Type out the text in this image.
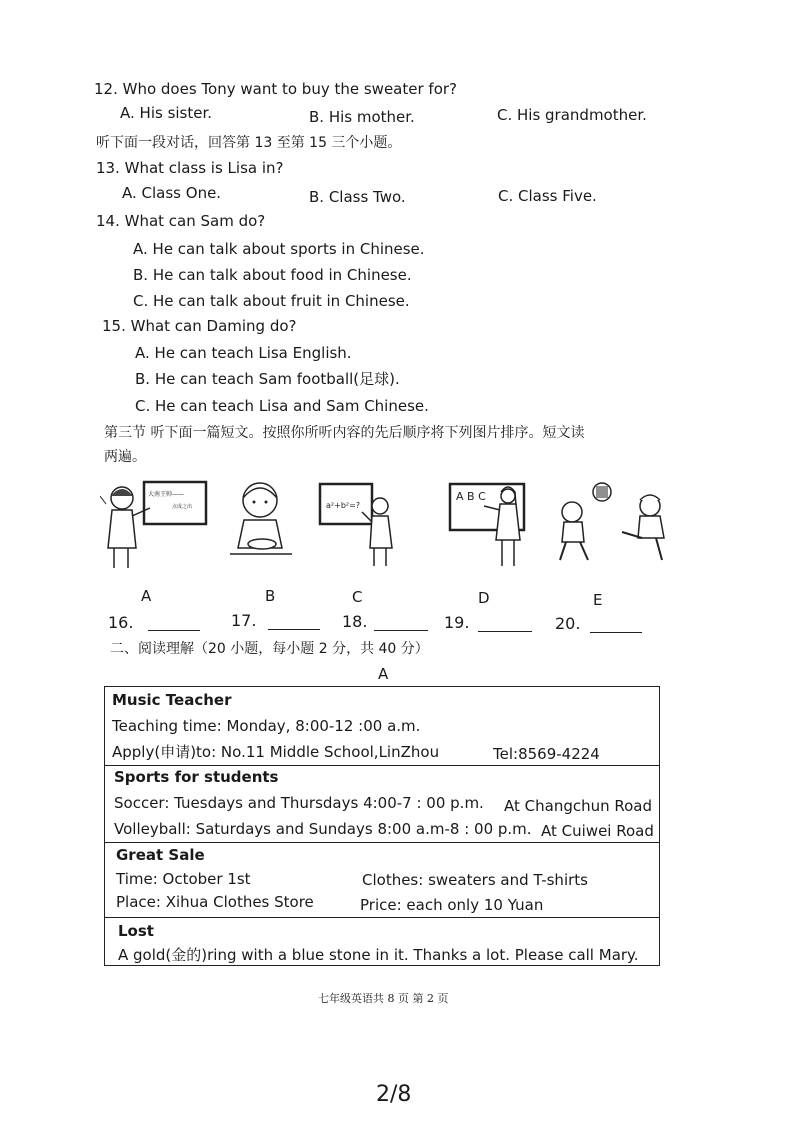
12. Who does Tony want to buy the sweater for?
A. His sister.	B. His mother.	C. His grandmother.
听下面一段对话，回答第 13 至第 15 三个小题。
13. What class is Lisa in?
A. Class One.	B. Class Two.	C. Class Five.
14. What can Sam do?
A. He can talk about sports in Chinese.
B. He can talk about food in Chinese.
C. He can talk about fruit in Chinese.
15. What can Daming do?
A. He can teach Lisa English.
B. He can teach Sam football(足球).
C. He can teach Lisa and Sam Chinese.
第三节 听下面一篇短文。按照你所听内容的先后顺序将下列图片排序。短文读
两遍。
大南王帅——
点成之出	a²+b²=?
A B C
A	B	C	D	E
16.	17.	18.	19.	20.
二、阅读理解（20 小题，每小题 2 分，共 40 分）
A
Music Teacher
Teaching time: Monday, 8:00-12 :00 a.m.
Apply(申请)to: No.11 Middle School,LinZhou	Tel:8569-4224
Sports for students
Soccer: Tuesdays and Thursdays 4:00-7 : 00 p.m. At Changchun Road
Volleyball: Saturdays and Sundays 8:00 a.m-8 : 00 p.m. At Cuiwei Road
Great Sale
Time: October 1st	Clothes: sweaters and T-shirts
Place: Xihua Clothes Store	Price: each only 10 Yuan
Lost
A gold(金的)ring with a blue stone in it. Thanks a lot. Please call Mary.
七年级英语共 8 页 第 2 页
2/8
